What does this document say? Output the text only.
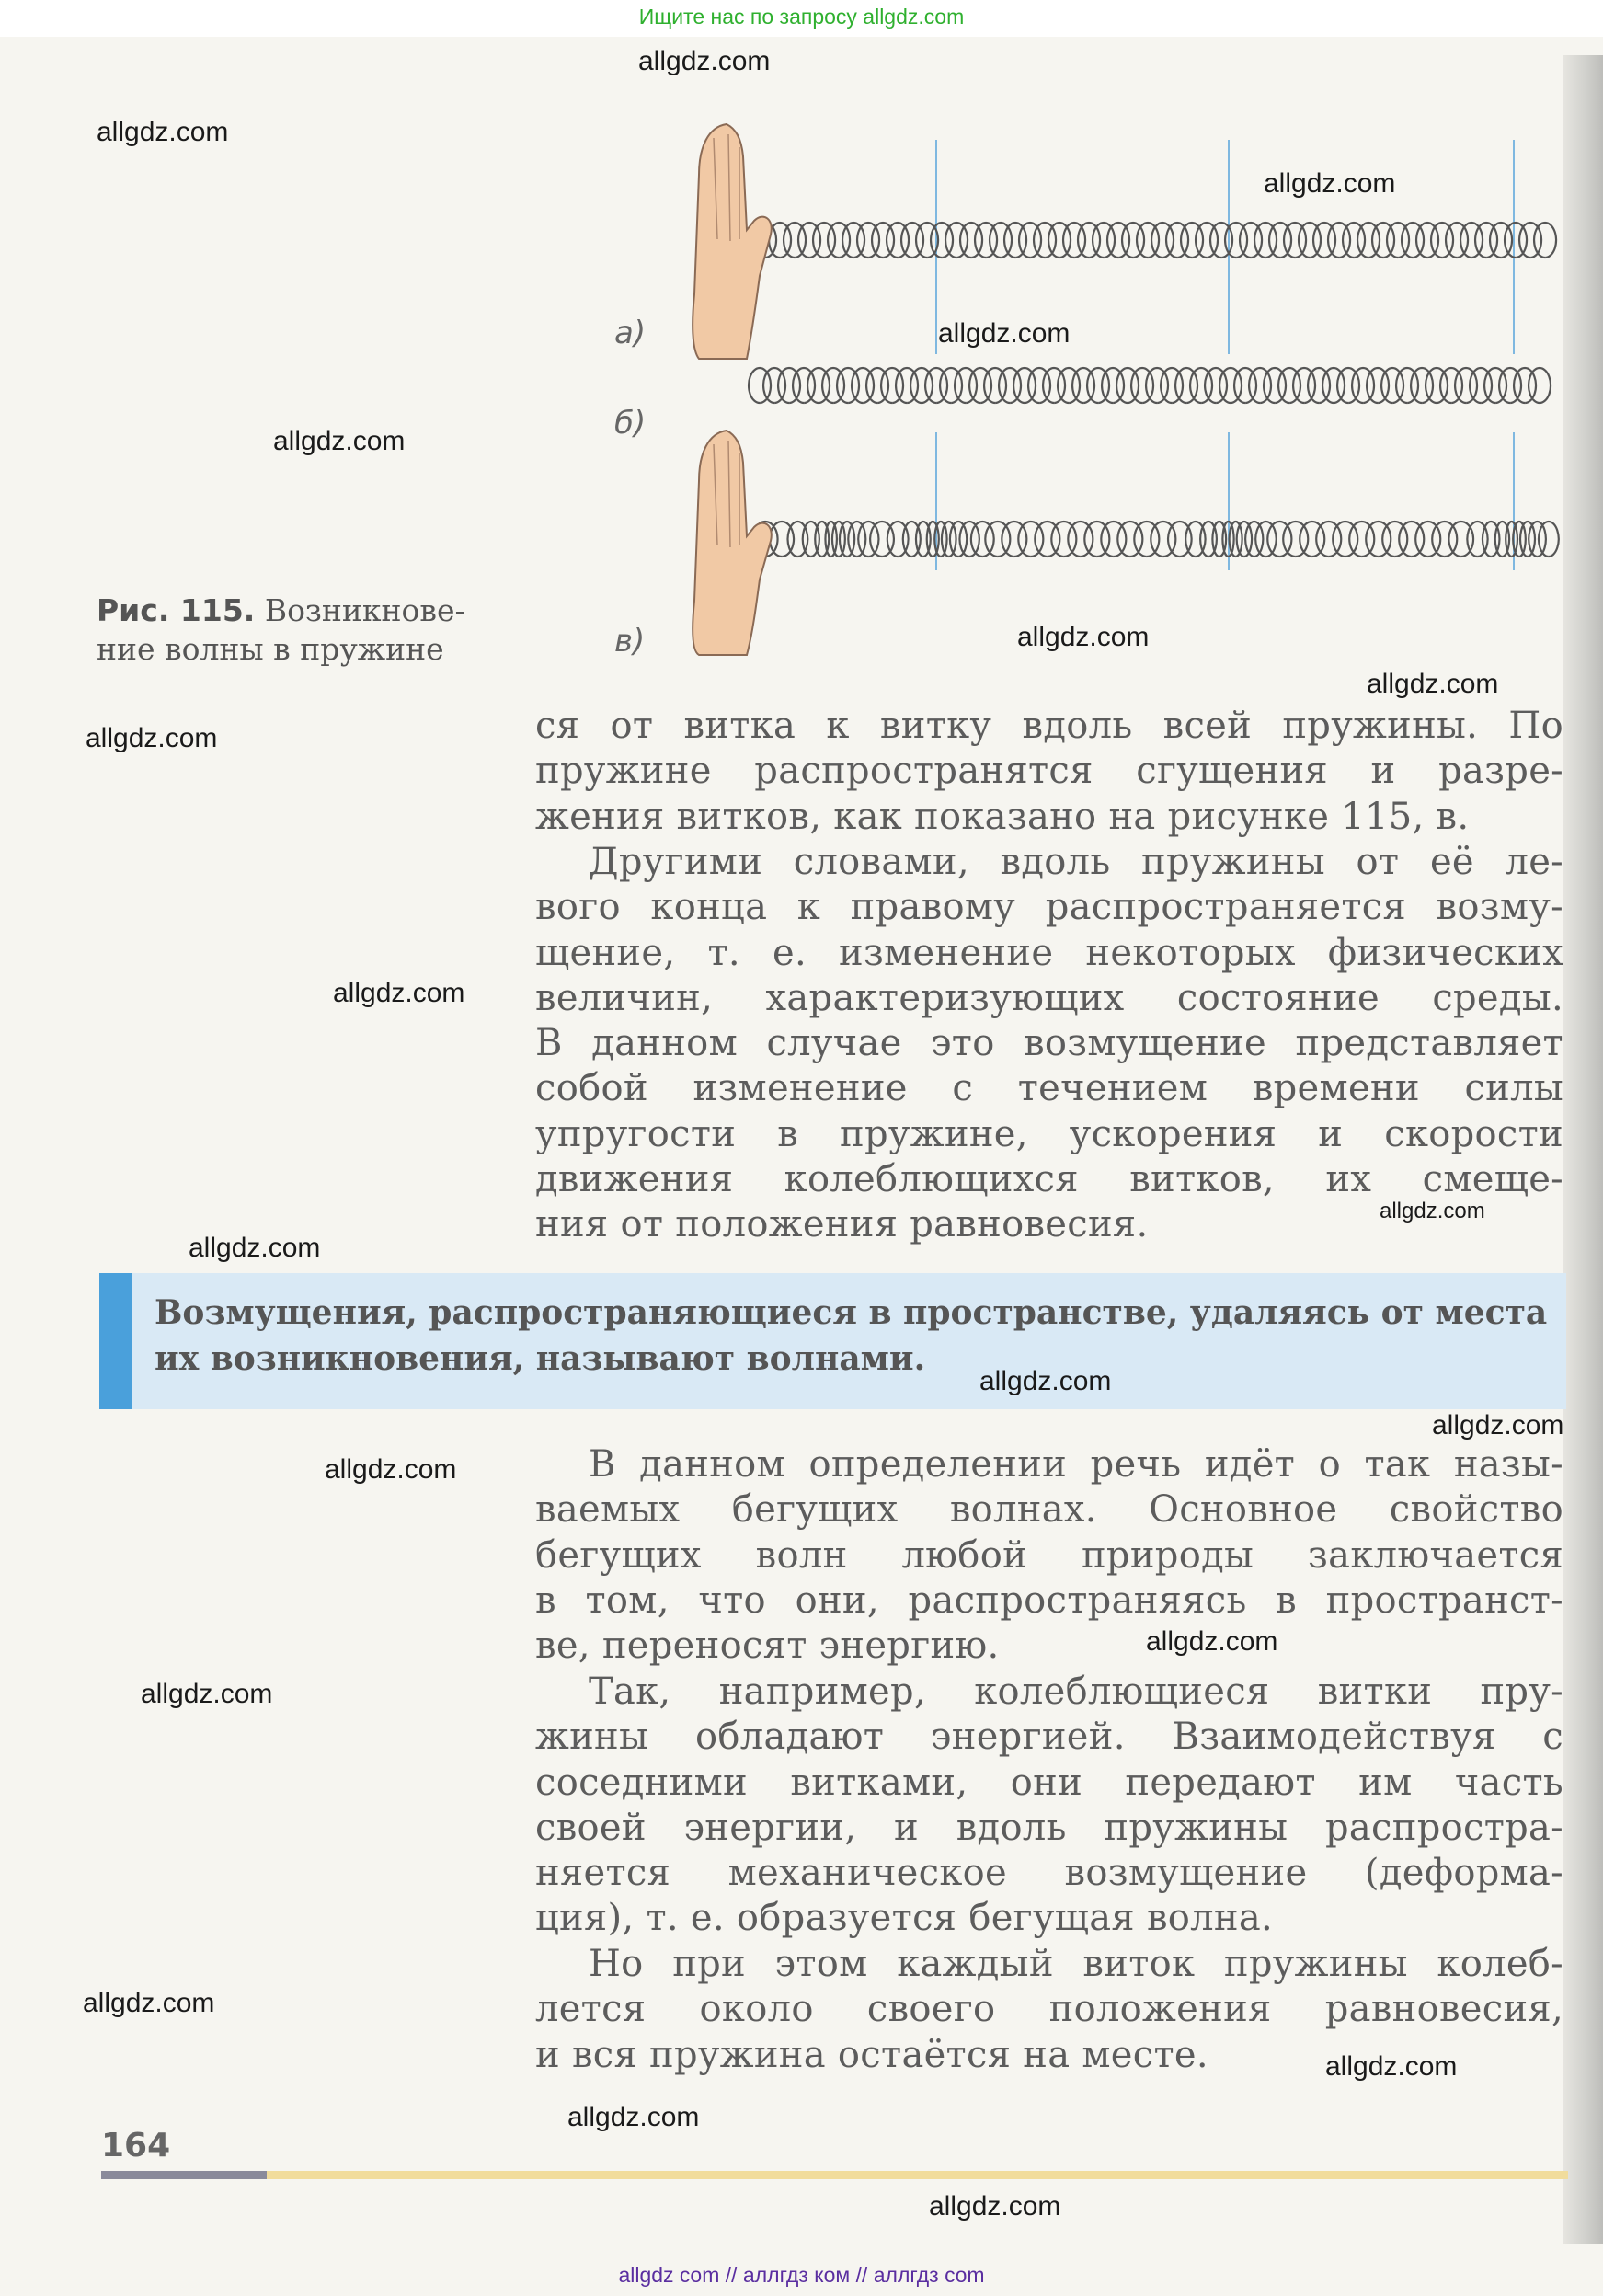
Ищите нас по запросу allgdz.com
а)
б)
в)
Рис. 115. Возникнове-
ние волны в пружине
ся от витка к витку вдоль всей пружины. По
пружине распространятся сгущения и разре-
жения витков, как показано на рисунке 115, в.
Другими словами, вдоль пружины от её ле-
вого конца к правому распространяется возму-
щение, т. е. изменение некоторых физических
величин, характеризующих состояние среды.
В данном случае это возмущение представляет
собой изменение с течением времени силы
упругости в пружине, ускорения и скорости
движения колеблющихся витков, их смеще-
ния от положения равновесия.
Возмущения, распространяющиеся в пространстве, удаляясь от места
их возникновения, называют волнами.
В данном определении речь идёт о так назы-
ваемых бегущих волнах. Основное свойство
бегущих волн любой природы заключается
в том, что они, распространяясь в пространст-
ве, переносят энергию.
Так, например, колеблющиеся витки пру-
жины обладают энергией. Взаимодействуя с
соседними витками, они передают им часть
своей энергии, и вдоль пружины распростра-
няется механическое возмущение (деформа-
ция), т. е. образуется бегущая волна.
Но при этом каждый виток пружины колеб-
лется около своего положения равновесия,
и вся пружина остаётся на месте.
164
allgdz.com
allgdz.com
allgdz.com
allgdz.com
allgdz.com
allgdz.com
allgdz.com
allgdz.com
allgdz.com
allgdz.com
allgdz.com
allgdz.com
allgdz.com
allgdz.com
allgdz.com
allgdz.com
allgdz.com
allgdz.com
allgdz.com
allgdz.com
allgdz com // аллгдз ком // аллгдз com
